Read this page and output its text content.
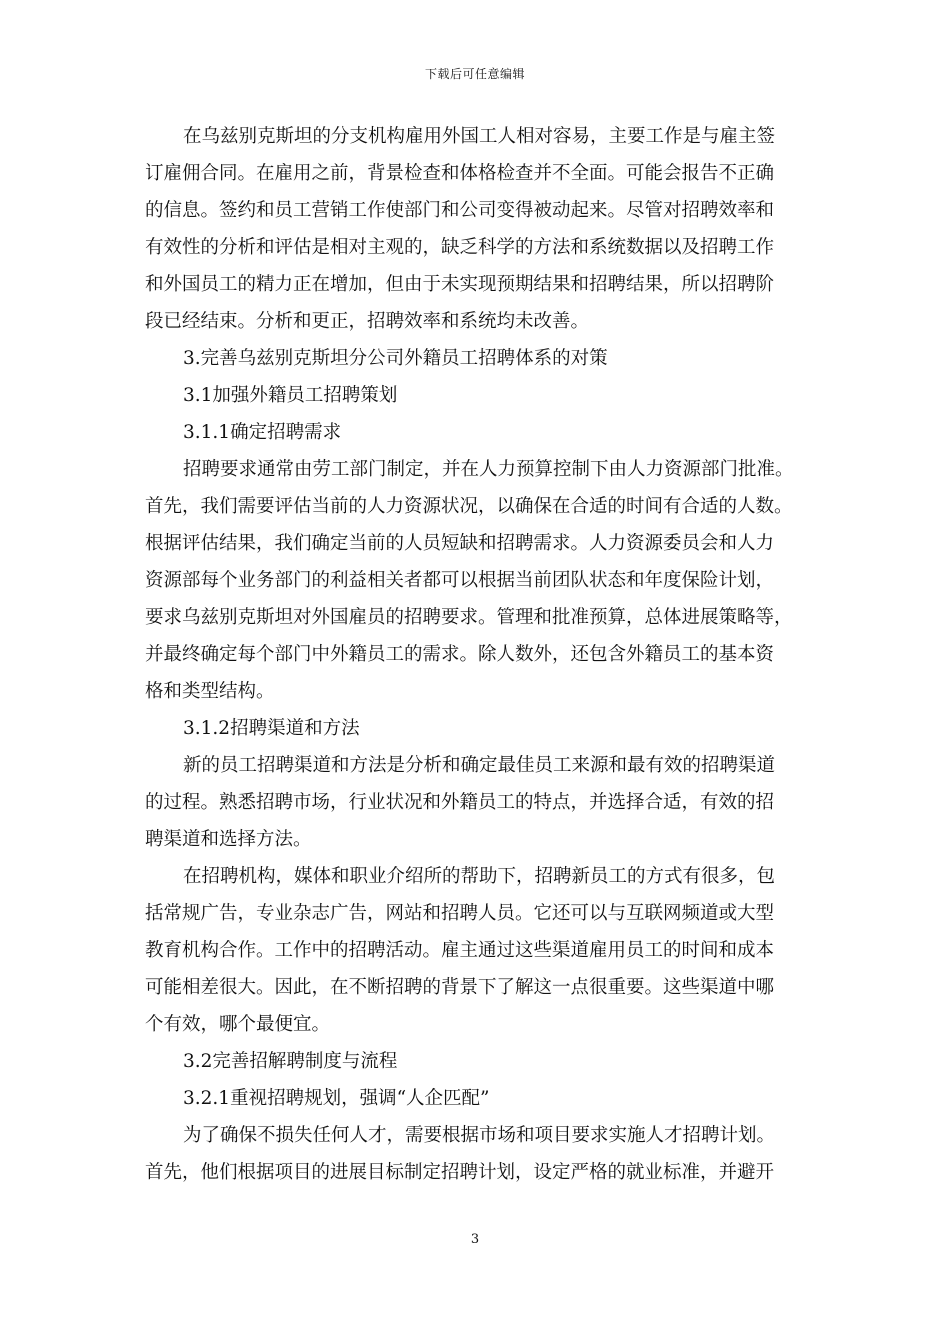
下载后可任意编辑
在乌兹别克斯坦的分支机构雇用外国工人相对容易，主要工作是与雇主签
订雇佣合同。在雇用之前，背景检查和体格检查并不全面。可能会报告不正确
的信息。签约和员工营销工作使部门和公司变得被动起来。尽管对招聘效率和
有效性的分析和评估是相对主观的，缺乏科学的方法和系统数据以及招聘工作
和外国员工的精力正在增加，但由于未实现预期结果和招聘结果，所以招聘阶
段已经结束。分析和更正，招聘效率和系统均未改善。
3.完善乌兹别克斯坦分公司外籍员工招聘体系的对策
3.1加强外籍员工招聘策划
3.1.1确定招聘需求
招聘要求通常由劳工部门制定，并在人力预算控制下由人力资源部门批准。
首先，我们需要评估当前的人力资源状况，以确保在合适的时间有合适的人数。
根据评估结果，我们确定当前的人员短缺和招聘需求。人力资源委员会和人力
资源部每个业务部门的利益相关者都可以根据当前团队状态和年度保险计划，
要求乌兹别克斯坦对外国雇员的招聘要求。管理和批准预算，总体进展策略等，
并最终确定每个部门中外籍员工的需求。除人数外，还包含外籍员工的基本资
格和类型结构。
3.1.2招聘渠道和方法
新的员工招聘渠道和方法是分析和确定最佳员工来源和最有效的招聘渠道
的过程。熟悉招聘市场，行业状况和外籍员工的特点，并选择合适，有效的招
聘渠道和选择方法。
在招聘机构，媒体和职业介绍所的帮助下，招聘新员工的方式有很多，包
括常规广告，专业杂志广告，网站和招聘人员。它还可以与互联网频道或大型
教育机构合作。工作中的招聘活动。雇主通过这些渠道雇用员工的时间和成本
可能相差很大。因此，在不断招聘的背景下了解这一点很重要。这些渠道中哪
个有效，哪个最便宜。
3.2完善招解聘制度与流程
3.2.1重视招聘规划，强调“人企匹配”
为了确保不损失任何人才，需要根据市场和项目要求实施人才招聘计划。
首先，他们根据项目的进展目标制定招聘计划，设定严格的就业标准，并避开
3
